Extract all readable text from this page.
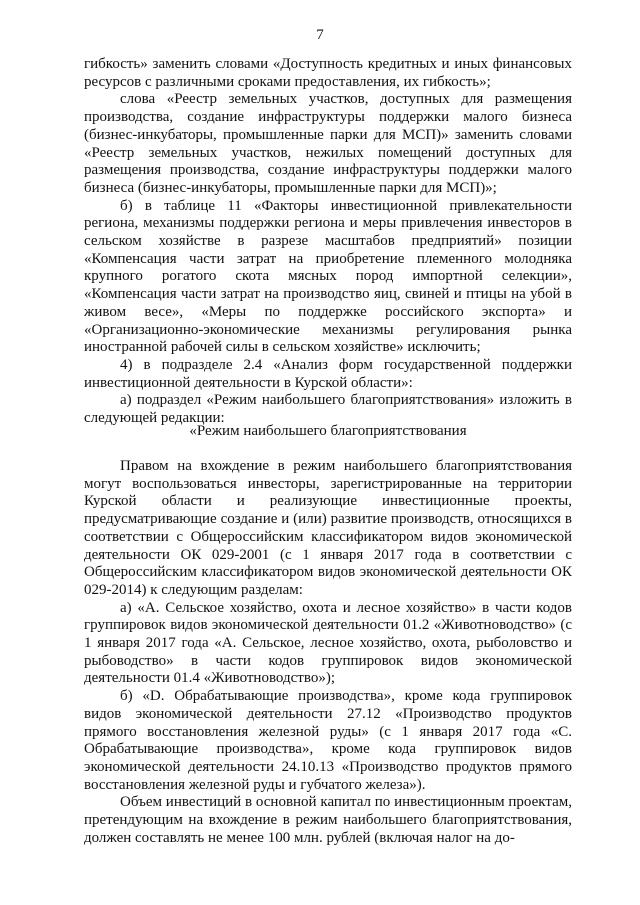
7

гибкость» заменить словами «Доступность кредитных и иных финансовых ресурсов с различными сроками предоставления, их гибкость»;

слова «Реестр земельных участков, доступных для размещения производства, создание инфраструктуры поддержки малого бизнеса (бизнес-инкубаторы, промышленные парки для МСП)» заменить словами «Реестр земельных участков, нежилых помещений доступных для размещения производства, создание инфраструктуры поддержки малого бизнеса (бизнес-инкубаторы, промышленные парки для МСП)»;

б) в таблице 11 «Факторы инвестиционной привлекательности региона, механизмы поддержки региона и меры привлечения инвесторов в сельском хозяйстве в разрезе масштабов предприятий» позиции «Компенсация части затрат на приобретение племенного молодняка крупного рогатого скота мясных пород импортной селекции», «Компенсация части затрат на производство яиц, свиней и птицы на убой в живом весе», «Меры по поддержке российского экспорта» и «Организационно-экономические механизмы регулирования рынка иностранной рабочей силы в сельском хозяйстве» исключить;

4) в подразделе 2.4 «Анализ форм государственной поддержки инвестиционной деятельности в Курской области»:

а) подраздел «Режим наибольшего благоприятствования» изложить в следующей редакции:

«Режим наибольшего благоприятствования

Правом на вхождение в режим наибольшего благоприятствования могут воспользоваться инвесторы, зарегистрированные на территории Курской области и реализующие инвестиционные проекты, предусматривающие создание и (или) развитие производств, относящихся в соответствии с Общероссийским классификатором видов экономической деятельности ОК 029-2001 (с 1 января 2017 года в соответствии с Общероссийским классификатором видов экономической деятельности ОК 029-2014) к следующим разделам:

а) «А. Сельское хозяйство, охота и лесное хозяйство» в части кодов группировок видов экономической деятельности 01.2 «Животноводство» (с 1 января 2017 года «А. Сельское, лесное хозяйство, охота, рыболовство и рыбоводство» в части кодов группировок видов экономической деятельности 01.4 «Животноводство»);

б) «D. Обрабатывающие производства», кроме кода группировок видов экономической деятельности 27.12 «Производство продуктов прямого восстановления железной руды» (с 1 января 2017 года «С. Обрабатывающие производства», кроме кода группировок видов экономической деятельности 24.10.13 «Производство продуктов прямого восстановления железной руды и губчатого железа»).

Объем инвестиций в основной капитал по инвестиционным проектам, претендующим на вхождение в режим наибольшего благоприятствования, должен составлять не менее 100 млн. рублей (включая налог на до-
